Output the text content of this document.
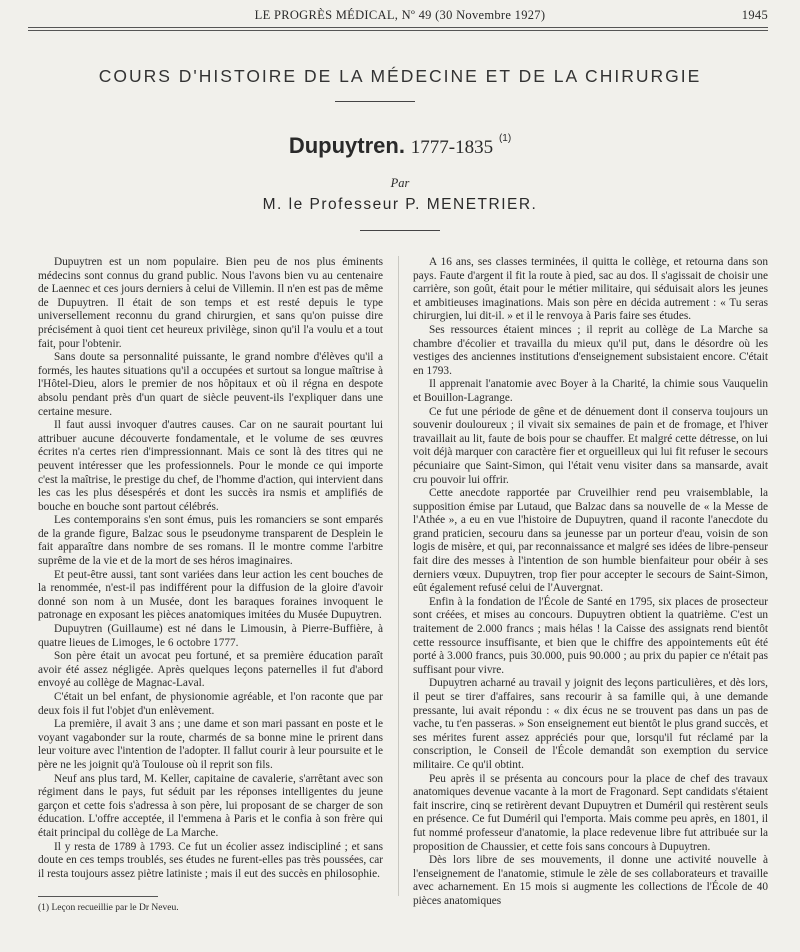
LE PROGRÈS MÉDICAL, Nº 49 (30 Novembre 1927)	1945
COURS D'HISTOIRE DE LA MÉDECINE ET DE LA CHIRURGIE
Dupuytren. 1777-1835 $^{(1)}$
Par
M. le Professeur P. MENETRIER.

Dupuytren est un nom populaire. Bien peu de nos plus éminents médecins sont connus du grand public. Nous l'avons bien vu au centenaire de Laennec et ces jours derniers à celui de Villemin. Il n'en est pas de même de Dupuytren. Il était de son temps et est resté depuis le type universellement reconnu du grand chirurgien, et sans qu'on puisse dire précisément à quoi tient cet heureux privilège, sinon qu'il l'a voulu et a tout fait, pour l'obtenir.

Sans doute sa personnalité puissante, le grand nombre d'élèves qu'il a formés, les hautes situations qu'il a occupées et surtout sa longue maîtrise à l'Hôtel-Dieu, alors le premier de nos hôpitaux et où il régna en despote absolu pendant près d'un quart de siècle peuvent-ils l'expliquer dans une certaine mesure.

Il faut aussi invoquer d'autres causes. Car on ne saurait pourtant lui attribuer aucune découverte fondamentale, et le volume de ses œuvres écrites n'a certes rien d'impressionnant. Mais ce sont là des titres qui ne peuvent intéresser que les professionnels. Pour le monde ce qui importe c'est la maîtrise, le prestige du chef, de l'homme d'action, qui intervient dans les cas les plus désespérés et dont les succès ira nsmis et amplifiés de bouche en bouche sont partout célébrés.

Les contemporains s'en sont émus, puis les romanciers se sont emparés de la grande figure, Balzac sous le pseudonyme transparent de Desplein le fait apparaître dans nombre de ses romans. Il le montre comme l'arbitre suprême de la vie et de la mort de ses héros imaginaires.

Et peut-être aussi, tant sont variées dans leur action les cent bouches de la renommée, n'est-il pas indifférent pour la diffusion de la gloire d'avoir donné son nom à un Musée, dont les baraques foraines invoquent le patronage en exposant les pièces anatomiques imitées du Musée Dupuytren.

Dupuytren (Guillaume) est né dans le Limousin, à Pierre-Buffière, à quatre lieues de Limoges, le 6 octobre 1777.

Son père était un avocat peu fortuné, et sa première éducation paraît avoir été assez négligée. Après quelques leçons paternelles il fut d'abord envoyé au collège de Magnac-Laval.

C'était un bel enfant, de physionomie agréable, et l'on raconte que par deux fois il fut l'objet d'un enlèvement.

La première, il avait 3 ans ; une dame et son mari passant en poste et le voyant vagabonder sur la route, charmés de sa bonne mine le prirent dans leur voiture avec l'intention de l'adopter. Il fallut courir à leur poursuite et le père ne les joignit qu'à Toulouse où il reprit son fils.

Neuf ans plus tard, M. Keller, capitaine de cavalerie, s'arrêtant avec son régiment dans le pays, fut séduit par les réponses intelligentes du jeune garçon et cette fois s'adressa à son père, lui proposant de se charger de son éducation. L'offre acceptée, il l'emmena à Paris et le confia à son frère qui était principal du collège de La Marche.

Il y resta de 1789 à 1793. Ce fut un écolier assez indiscipliné ; et sans doute en ces temps troublés, ses études ne furent-elles pas très poussées, car il resta toujours assez piètre latiniste ; mais il eut des succès en philosophie.

A 16 ans, ses classes terminées, il quitta le collège, et retourna dans son pays. Faute d'argent il fit la route à pied, sac au dos. Il s'agissait de choisir une carrière, son goût, était pour le métier militaire, qui séduisait alors les jeunes et ambitieuses imaginations. Mais son père en décida autrement : « Tu seras chirurgien, lui dit-il. » et il le renvoya à Paris faire ses études.

Ses ressources étaient minces ; il reprit au collège de La Marche sa chambre d'écolier et travailla du mieux qu'il put, dans le désordre où les vestiges des anciennes institutions d'enseignement subsistaient encore. C'était en 1793.

Il apprenait l'anatomie avec Boyer à la Charité, la chimie sous Vauquelin et Bouillon-Lagrange.

Ce fut une période de gêne et de dénuement dont il conserva toujours un souvenir douloureux ; il vivait six semaines de pain et de fromage, et l'hiver travaillait au lit, faute de bois pour se chauffer. Et malgré cette détresse, on lui voit déjà marquer con caractère fier et orgueilleux qui lui fit refuser le secours pécuniaire que Saint-Simon, qui l'était venu visiter dans sa mansarde, avait cru pouvoir lui offrir.

Cette anecdote rapportée par Cruveilhier rend peu vraisemblable, la supposition émise par Lutaud, que Balzac dans sa nouvelle de « la Messe de l'Athée », a eu en vue l'histoire de Dupuytren, quand il raconte l'anecdote du grand praticien, secouru dans sa jeunesse par un porteur d'eau, voisin de son logis de misère, et qui, par reconnaissance et malgré ses idées de libre-penseur fait dire des messes à l'intention de son humble bienfaiteur pour obéir à ses derniers vœux. Dupuytren, trop fier pour accepter le secours de Saint-Simon, eût également refusé celui de l'Auvergnat.

Enfin à la fondation de l'École de Santé en 1795, six places de prosecteur sont créées, et mises au concours. Dupuytren obtient la quatrième. C'est un traitement de 2.000 francs ; mais hélas ! la Caisse des assignats rend bientôt cette ressource insuffisante, et bien que le chiffre des appointements eût été porté à 3.000 francs, puis 30.000, puis 90.000 ; au prix du papier ce n'était pas suffisant pour vivre.

Dupuytren acharné au travail y joignit des leçons particulières, et dès lors, il peut se tirer d'affaires, sans recourir à sa famille qui, à une demande pressante, lui avait répondu : « dix écus ne se trouvent pas dans un pas de vache, tu t'en passeras. » Son enseignement eut bientôt le plus grand succès, et ses mérites furent assez appréciés pour que, lorsqu'il fut réclamé par la conscription, le Conseil de l'École demandât son exemption du service militaire. Ce qu'il obtint.

Peu après il se présenta au concours pour la place de chef des travaux anatomiques devenue vacante à la mort de Fragonard. Sept candidats s'étaient fait inscrire, cinq se retirèrent devant Dupuytren et Duméril qui restèrent seuls en présence. Ce fut Duméril qui l'emporta. Mais comme peu après, en 1801, il fut nommé professeur d'anatomie, la place redevenue libre fut attribuée sur la proposition de Chaussier, et cette fois sans concours à Dupuytren.

Dès lors libre de ses mouvements, il donne une activité nouvelle à l'enseignement de l'anatomie, stimule le zèle de ses collaborateurs et travaille avec acharnement. En 15 mois si augmente les collections de l'École de 40 pièces anatomiques

(1) Leçon recueillie par le Dr Neveu.
